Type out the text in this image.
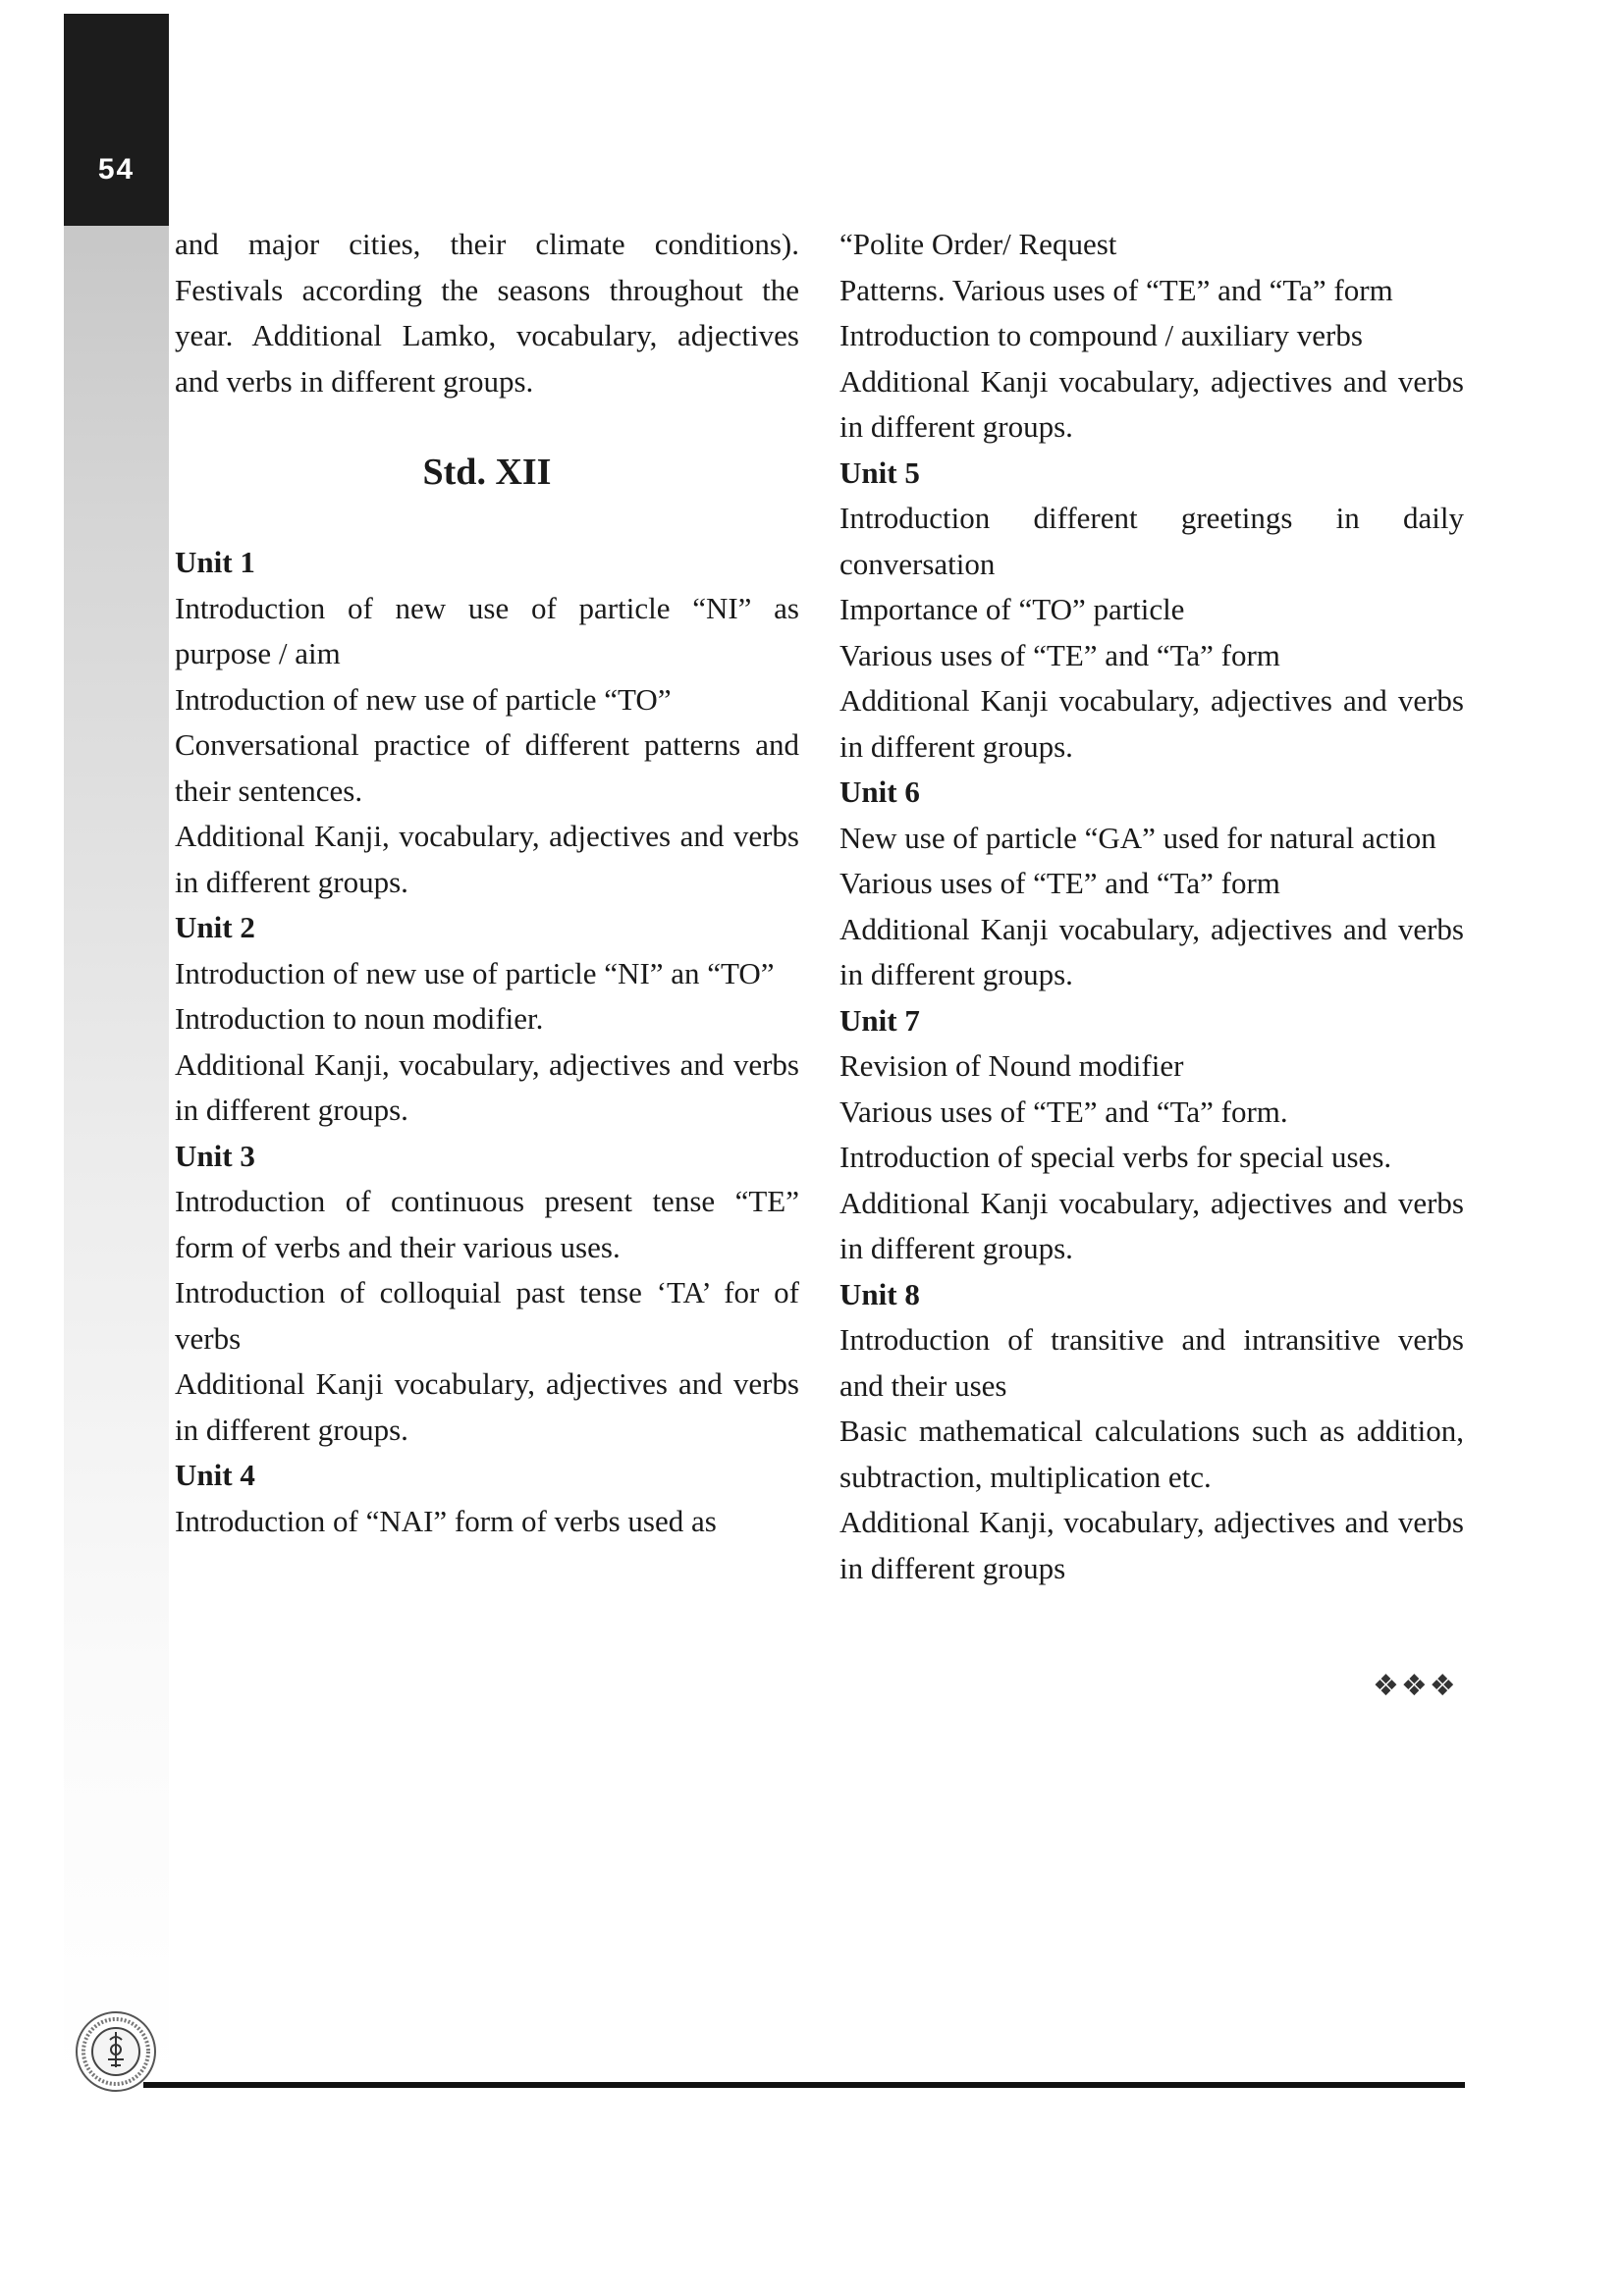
54

and major cities, their climate conditions). Festivals according the seasons throughout the year. Additional Lamko, vocabulary, adjectives and verbs in different groups.

Std. XII

Unit 1

Introduction of new use of particle “NI” as purpose / aim

Introduction of new use of particle “TO”

Conversational practice of different patterns and their sentences.

Additional Kanji, vocabulary, adjectives and verbs in different groups.

Unit 2

Introduction of new use of particle “NI” an “TO”

Introduction to noun modifier.

Additional Kanji, vocabulary, adjectives and verbs in different groups.

Unit 3

Introduction of continuous present tense “TE” form of verbs and their various uses.

Introduction of colloquial past tense ‘TA’ for of verbs

Additional Kanji vocabulary, adjectives and verbs in different groups.

Unit 4

Introduction of “NAI” form of verbs used as

“Polite Order/ Request

Patterns. Various uses of “TE” and “Ta” form

Introduction to compound / auxiliary verbs

Additional Kanji vocabulary, adjectives and verbs in different groups.

Unit 5

Introduction different greetings in daily conversation

Importance of “TO” particle

Various uses of “TE” and “Ta” form

Additional Kanji vocabulary, adjectives and verbs in different groups.

Unit 6

New use of particle “GA” used for natural action

Various uses of “TE” and “Ta” form

Additional Kanji vocabulary, adjectives and verbs in different groups.

Unit 7

Revision of Nound modifier

Various uses of “TE” and “Ta” form.

Introduction of special verbs for special uses.

Additional Kanji vocabulary, adjectives and verbs in different groups.

Unit 8

Introduction of transitive and intransitive verbs and their uses

Basic mathematical calculations such as addition, subtraction, multiplication etc.

Additional Kanji, vocabulary, adjectives and verbs in different groups

❖❖❖
